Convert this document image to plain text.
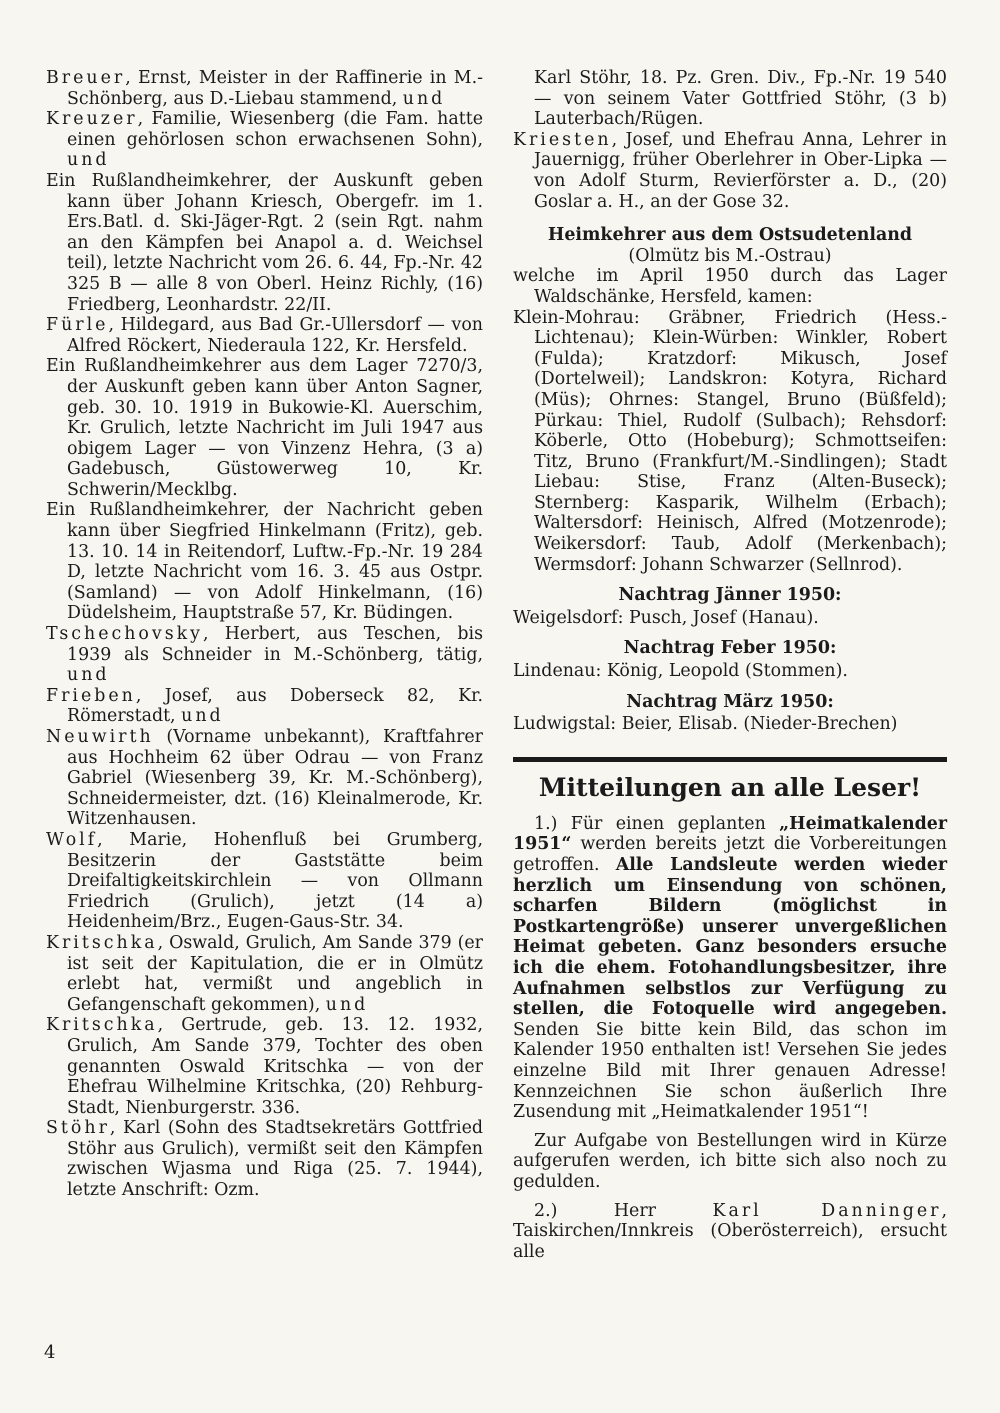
Breuer, Ernst, Meister in der Raffinerie in M.-Schönberg, aus D.-Liebau stammend, und

Kreuzer, Familie, Wiesenberg (die Fam. hatte einen gehörlosen schon erwachsenen Sohn), und

Ein Rußlandheimkehrer, der Auskunft geben kann über Johann Kriesch, Obergefr. im 1. Ers.Batl. d. Ski-Jäger-Rgt. 2 (sein Rgt. nahm an den Kämpfen bei Anapol a. d. Weichsel teil), letzte Nachricht vom 26. 6. 44, Fp.-Nr. 42 325 B — alle 8 von Oberl. Heinz Richly, (16) Friedberg, Leonhardstr. 22/II.

Fürle, Hildegard, aus Bad Gr.-Ullersdorf — von Alfred Röckert, Niederaula 122, Kr. Hersfeld.

Ein Rußlandheimkehrer aus dem Lager 7270/3, der Auskunft geben kann über Anton Sagner, geb. 30. 10. 1919 in Bukowie-Kl. Auerschim, Kr. Grulich, letzte Nachricht im Juli 1947 aus obigem Lager — von Vinzenz Hehra, (3 a) Gadebusch, Güstowerweg 10, Kr. Schwerin/Mecklbg.

Ein Rußlandheimkehrer, der Nachricht geben kann über Siegfried Hinkelmann (Fritz), geb. 13. 10. 14 in Reitendorf, Luftw.-Fp.-Nr. 19 284 D, letzte Nachricht vom 16. 3. 45 aus Ostpr. (Samland) — von Adolf Hinkelmann, (16) Düdelsheim, Hauptstraße 57, Kr. Büdingen.

Tschechovsky, Herbert, aus Teschen, bis 1939 als Schneider in M.-Schönberg, tätig, und

Frieben, Josef, aus Doberseck 82, Kr. Römerstadt, und

Neuwirth (Vorname unbekannt), Kraftfahrer aus Hochheim 62 über Odrau — von Franz Gabriel (Wiesenberg 39, Kr. M.-Schönberg), Schneidermeister, dzt. (16) Kleinalmerode, Kr. Witzenhausen.

Wolf, Marie, Hohenfluß bei Grumberg, Besitzerin der Gaststätte beim Dreifaltigkeitskirchlein — von Ollmann Friedrich (Grulich), jetzt (14 a) Heidenheim/Brz., Eugen-Gaus-Str. 34.

Kritschka, Oswald, Grulich, Am Sande 379 (er ist seit der Kapitulation, die er in Olmütz erlebt hat, vermißt und angeblich in Gefangenschaft gekommen), und

Kritschka, Gertrude, geb. 13. 12. 1932, Grulich, Am Sande 379, Tochter des oben genannten Oswald Kritschka — von der Ehefrau Wilhelmine Kritschka, (20) Rehburg-Stadt, Nienburgerstr. 336.

Stöhr, Karl (Sohn des Stadtsekretärs Gottfried Stöhr aus Grulich), vermißt seit den Kämpfen zwischen Wjasma und Riga (25. 7. 1944), letzte Anschrift: Ozm.

Karl Stöhr, 18. Pz. Gren. Div., Fp.-Nr. 19 540 — von seinem Vater Gottfried Stöhr, (3 b) Lauterbach/Rügen.

Kriesten, Josef, und Ehefrau Anna, Lehrer in Jauernigg, früher Oberlehrer in Ober-Lipka — von Adolf Sturm, Revierförster a. D., (20) Goslar a. H., an der Gose 32.

Heimkehrer aus dem Ostsudetenland

(Olmütz bis M.-Ostrau)

welche im April 1950 durch das Lager Waldschänke, Hersfeld, kamen:

Klein-Mohrau: Gräbner, Friedrich (Hess.-Lichtenau); Klein-Würben: Winkler, Robert (Fulda); Kratzdorf: Mikusch, Josef (Dortelweil); Landskron: Kotyra, Richard (Müs); Ohrnes: Stangel, Bruno (Büßfeld); Pürkau: Thiel, Rudolf (Sulbach); Rehsdorf: Köberle, Otto (Hobeburg); Schmottseifen: Titz, Bruno (Frankfurt/M.-Sindlingen); Stadt Liebau: Stise, Franz (Alten-Buseck); Sternberg: Kasparik, Wilhelm (Erbach); Waltersdorf: Heinisch, Alfred (Motzenrode); Weikersdorf: Taub, Adolf (Merkenbach); Wermsdorf: Johann Schwarzer (Sellnrod).

Nachtrag Jänner 1950:

Weigelsdorf: Pusch, Josef (Hanau).

Nachtrag Feber 1950:

Lindenau: König, Leopold (Stommen).

Nachtrag März 1950:

Ludwigstal: Beier, Elisab. (Nieder-Brechen)

Mitteilungen an alle Leser!

1.) Für einen geplanten „Heimatkalender 1951“ werden bereits jetzt die Vorbereitungen getroffen. Alle Landsleute werden wieder herzlich um Einsendung von schönen, scharfen Bildern (möglichst in Postkartengröße) unserer unvergeßlichen Heimat gebeten. Ganz besonders ersuche ich die ehem. Fotohandlungsbesitzer, ihre Aufnahmen selbstlos zur Verfügung zu stellen, die Fotoquelle wird angegeben. Senden Sie bitte kein Bild, das schon im Kalender 1950 enthalten ist! Versehen Sie jedes einzelne Bild mit Ihrer genauen Adresse! Kennzeichnen Sie schon äußerlich Ihre Zusendung mit „Heimatkalender 1951“!

Zur Aufgabe von Bestellungen wird in Kürze aufgerufen werden, ich bitte sich also noch zu gedulden.

2.) Herr Karl Danninger, Taiskirchen/Innkreis (Oberösterreich), ersucht alle

4
